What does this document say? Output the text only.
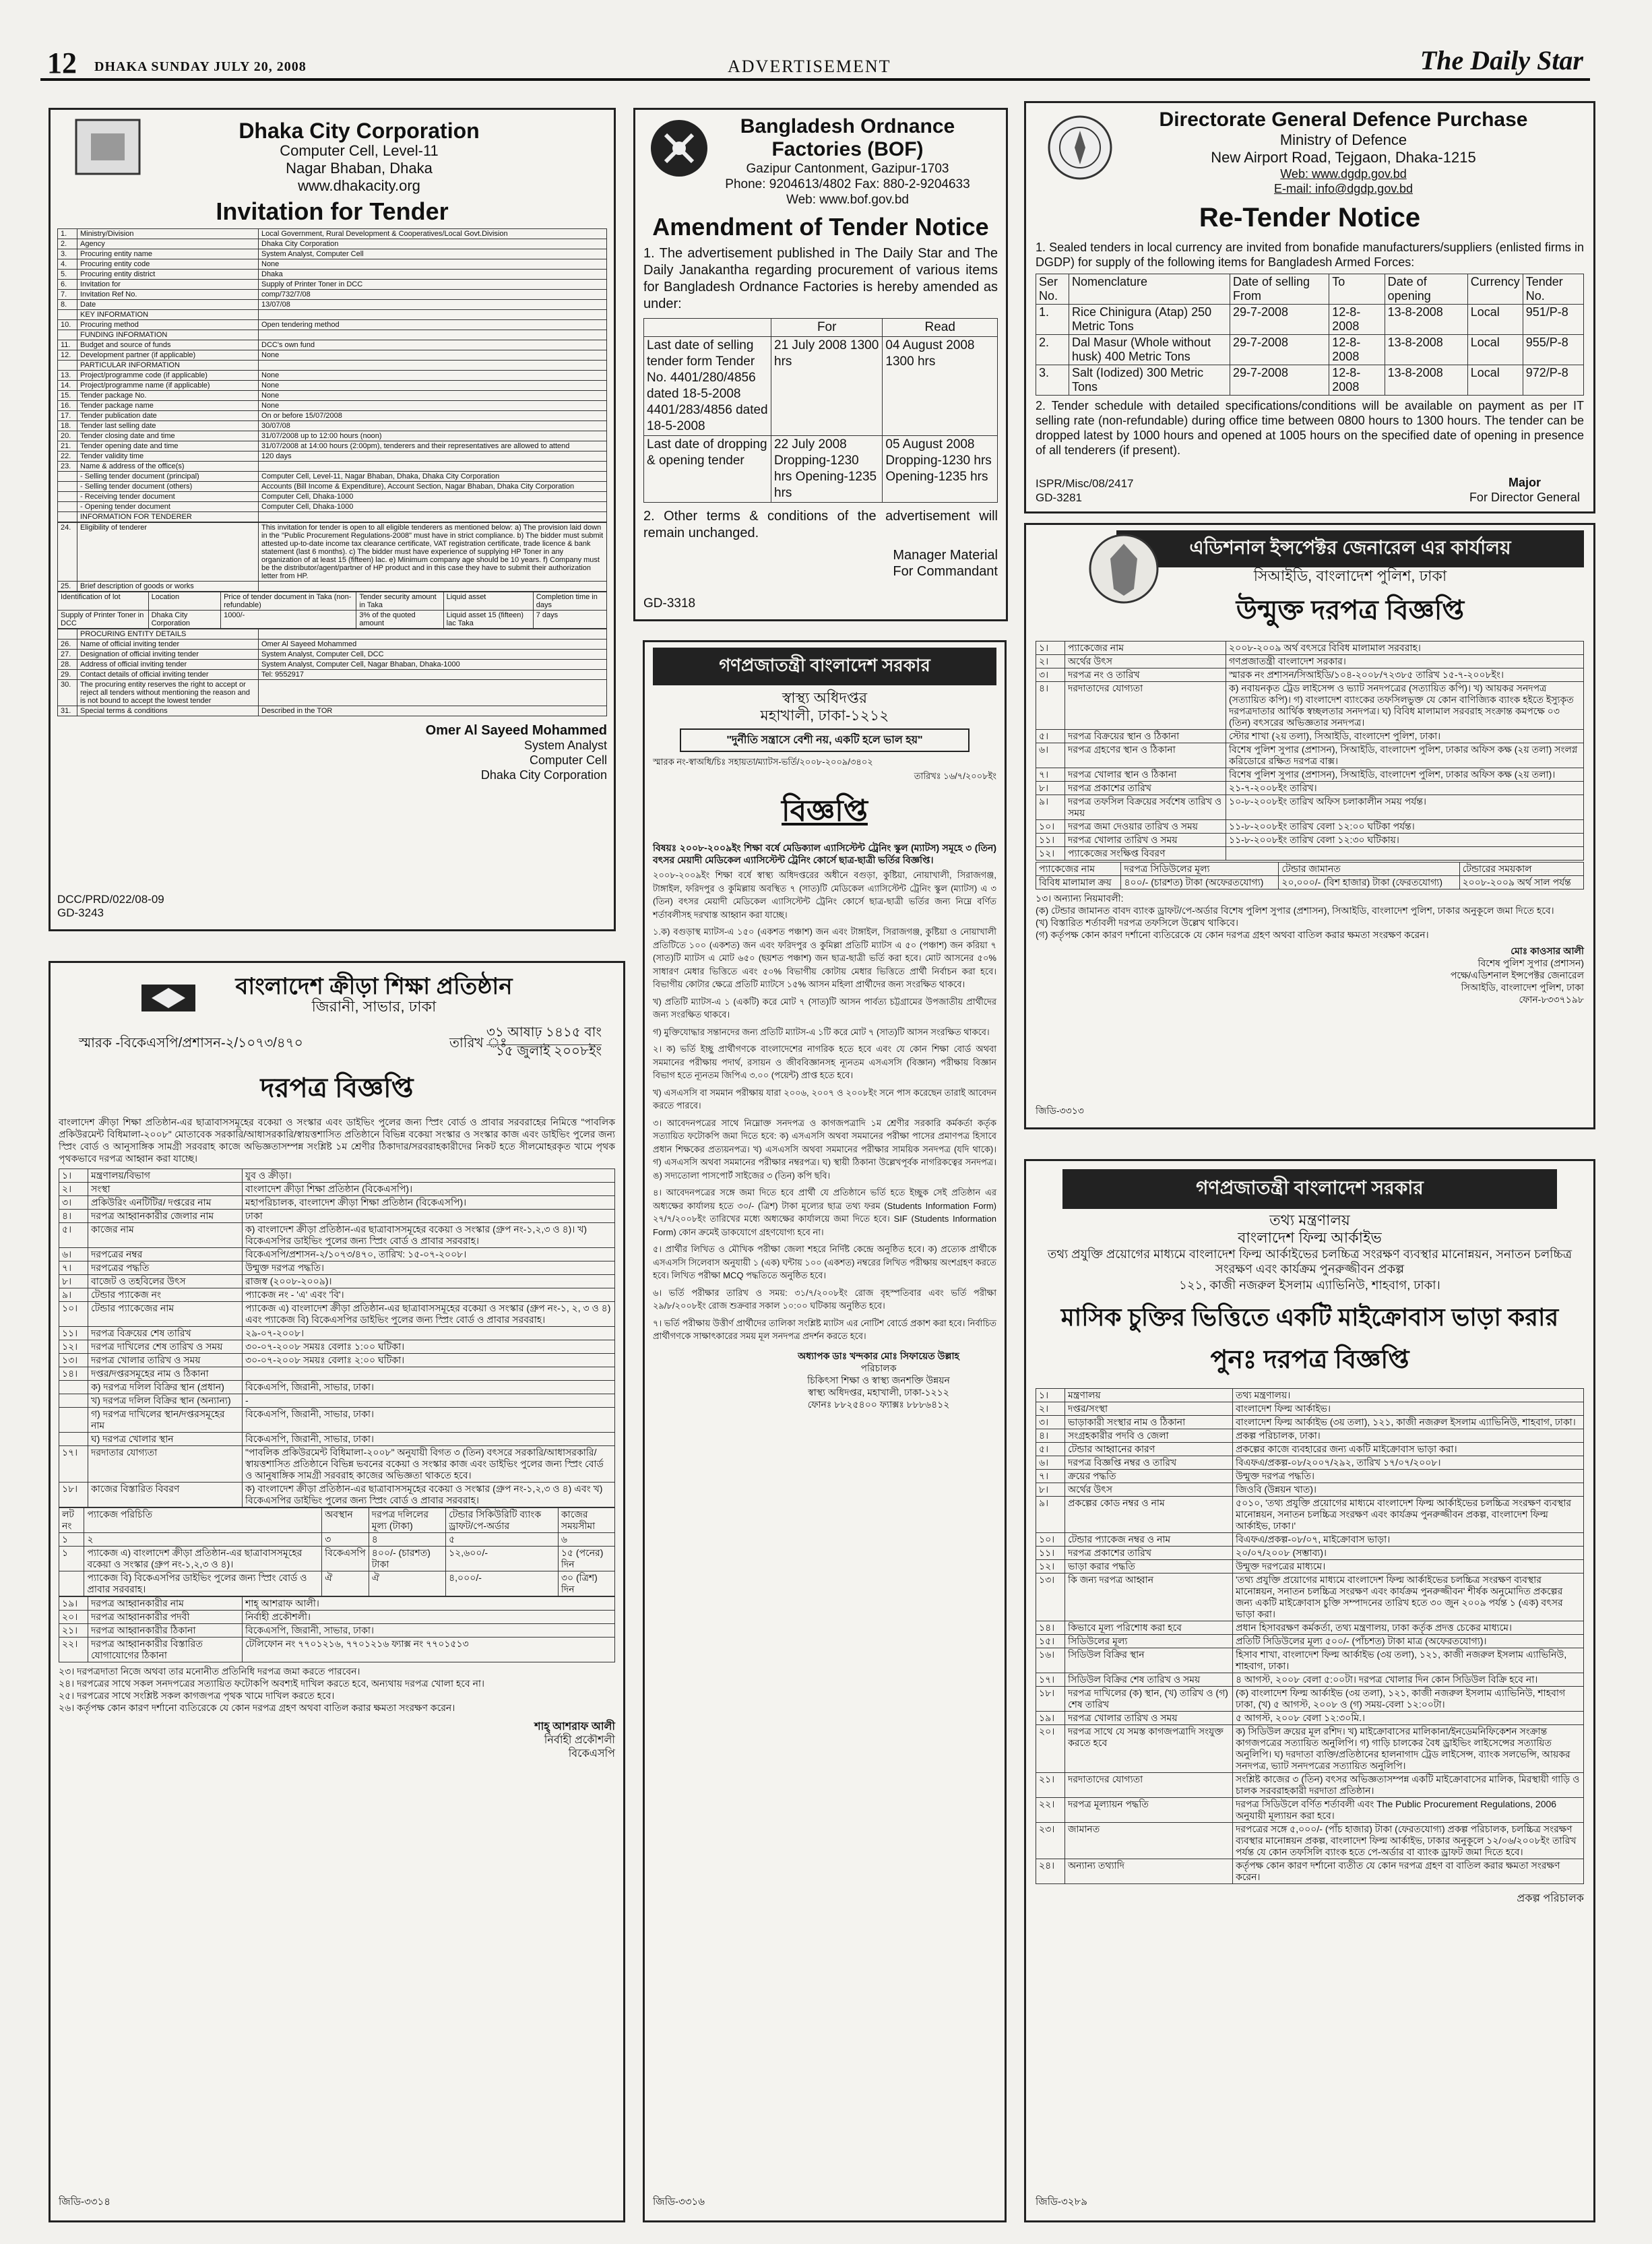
12 DHAKA SUNDAY JULY 20, 2008	ADVERTISEMENT	The Daily Star
Dhaka City Corporation
Computer Cell, Level-11
Nagar Bhaban, Dhaka
www.dhakacity.org
Invitation for Tender
1.	Ministry/Division	Local Government, Rural Development & Cooperatives/Local Govt.Division
2.	Agency	Dhaka City Corporation
3.	Procuring entity name	System Analyst, Computer Cell
4.	Procuring entity code	None
5.	Procuring entity district	Dhaka
6.	Invitation for	Supply of Printer Toner in DCC
7.	Invitation Ref No.	comp/732/7/08
8.	Date	13/07/08
	KEY INFORMATION	
10.	Procuring method	Open tendering method
	FUNDING INFORMATION	
11.	Budget and source of funds	DCC's own fund
12.	Development partner (if applicable)	None
	PARTICULAR INFORMATION	
13.	Project/programme code (if applicable)	None
14.	Project/programme name (if applicable)	None
15.	Tender package No.	None
16.	Tender package name	None
17.	Tender publication date	On or before 15/07/2008
18.	Tender last selling date	30/07/08
20.	Tender closing date and time	31/07/2008 up to 12:00 hours (noon)
21.	Tender opening date and time	31/07/2008 at 14:00 hours (2:00pm), tenderers and their representatives are allowed to attend
22.	Tender validity time	120 days
23.	Name & address of the office(s)	
	- Selling tender document (principal)	Computer Cell, Level-11, Nagar Bhaban, Dhaka, Dhaka City Corporation
	- Selling tender document (others)	Accounts (Bill Income & Expenditure), Account Section, Nagar Bhaban, Dhaka City Corporation
	- Receiving tender document	Computer Cell, Dhaka-1000
	- Opening tender document	Computer Cell, Dhaka-1000
	INFORMATION FOR TENDERER	
24.	Eligibility of tenderer	This invitation for tender is open to all eligible tenderers as mentioned below: a) The provision laid down in the "Public Procurement Regulations-2008" must have in strict compliance. b) The bidder must submit attested up-to-date income tax clearance certificate, VAT registration certificate, trade licence & bank statement (last 6 months). c) The bidder must have experience of supplying HP Toner in any organization of at least 15 (fifteen) lac. e) Minimum company age should be 10 years. f) Company must be the distributor/agent/partner of HP product and in this case they have to submit their authorization letter from HP.
25.	Brief description of goods or works	
Identification of lot	Location	Price of tender document in Taka (non-refundable)	Tender security amount in Taka	Liquid asset	Completion time in days
Supply of Printer Toner in DCC	Dhaka City Corporation	1000/-	3% of the quoted amount	Liquid asset 15 (fifteen) lac Taka	7 days
	PROCURING ENTITY DETAILS	
26.	Name of official inviting tender	Omer Al Sayeed Mohammed
27.	Designation of official inviting tender	System Analyst, Computer Cell, DCC
28.	Address of official inviting tender	System Analyst, Computer Cell, Nagar Bhaban, Dhaka-1000
29.	Contact details of official inviting tender	Tel: 9552917
30.	The procuring entity reserves the right to accept or reject all tenders without mentioning the reason and is not bound to accept the lowest tender	
31.	Special terms & conditions	Described in the TOR
Omer Al Sayeed Mohammed
System Analyst
Computer Cell
Dhaka City Corporation
DCC/PRD/022/08-09
GD-3243
Bangladesh Ordnance Factories (BOF)
Gazipur Cantonment, Gazipur-1703
Phone: 9204613/4802 Fax: 880-2-9204633
Web: www.bof.gov.bd
Amendment of Tender Notice
1. The advertisement published in The Daily Star and The Daily Janakantha regarding procurement of various items for Bangladesh Ordnance Factories is hereby amended as under:
	For	Read
Last date of selling tender form Tender No. 4401/280/4856 dated 18-5-2008 4401/283/4856 dated 18-5-2008	21 July 2008 1300 hrs	04 August 2008 1300 hrs
Last date of dropping & opening tender	22 July 2008 Dropping-1230 hrs Opening-1235 hrs	05 August 2008 Dropping-1230 hrs Opening-1235 hrs
2. Other terms & conditions of the advertisement will remain unchanged.
Manager Material
For Commandant
GD-3318
Directorate General Defence Purchase
Ministry of Defence
New Airport Road, Tejgaon, Dhaka-1215
Web: www.dgdp.gov.bd
E-mail: info@dgdp.gov.bd
Re-Tender Notice
1. Sealed tenders in local currency are invited from bonafide manufacturers/suppliers (enlisted firms in DGDP) for supply of the following items for Bangladesh Armed Forces:
Ser No.	Nomenclature	Date of selling From	To	Date of opening	Currency	Tender No.
1.	Rice Chinigura (Atap) 250 Metric Tons	29-7-2008	12-8-2008	13-8-2008	Local	951/P-8
2.	Dal Masur (Whole without husk) 400 Metric Tons	29-7-2008	12-8-2008	13-8-2008	Local	955/P-8
3.	Salt (Iodized) 300 Metric Tons	29-7-2008	12-8-2008	13-8-2008	Local	972/P-8
2. Tender schedule with detailed specifications/conditions will be available on payment as per IT selling rate (non-refundable) during office time between 0800 hours to 1300 hours. The tender can be dropped latest by 1000 hours and opened at 1005 hours on the specified date of opening in presence of all tenderers (if present).
ISPR/Misc/08/2417
GD-3281
Major
For Director General
এডিশনাল ইন্সপেক্টর জেনারেল এর কার্যালয়
সিআইডি, বাংলাদেশ পুলিশ, ঢাকা
উন্মুক্ত দরপত্র বিজ্ঞপ্তি
১।	প্যাকেজের নাম	২০০৮-২০০৯ অর্থ বৎসরে বিবিধ মালামাল সরবরাহ।
২।	অর্থের উৎস	গণপ্রজাতন্ত্রী বাংলাদেশ সরকার।
৩।	দরপত্র নং ও তারিখ	স্মারক নং প্রশাসন/সিআইডি/১০৪-২০০৮/৭২৩৮৫ তারিখ ১৫-৭-২০০৮ইং।
৪।	দরদাতাদের যোগ্যতা	ক) নবায়নকৃত ট্রেড লাইসেন্স ও ভ্যাট সনদপত্রের (সত্যায়িত কপি)। খ) আয়কর সনদপত্র (সত্যায়িত কপি)। গ) বাংলাদেশ ব্যাংকের তফসিলভুক্ত যে কোন বাণিজ্যিক ব্যাংক হইতে ইস্যুকৃত দরপত্রদাতার আর্থিক স্বচ্ছলতার সনদপত্র। ঘ) বিবিধ মালামাল সরবরাহ সংক্রান্ত কমপক্ষে ০৩ (তিন) বৎসরের অভিজ্ঞতার সনদপত্র।
৫।	দরপত্র বিক্রয়ের স্থান ও ঠিকানা	স্টোর শাখা (২য় তলা), সিআইডি, বাংলাদেশ পুলিশ, ঢাকা।
৬।	দরপত্র গ্রহণের স্থান ও ঠিকানা	বিশেষ পুলিশ সুপার (প্রশাসন), সিআইডি, বাংলাদেশ পুলিশ, ঢাকার অফিস কক্ষ (২য় তলা) সংলগ্ন করিডোরে রক্ষিত দরপত্র বাক্স।
৭।	দরপত্র খোলার স্থান ও ঠিকানা	বিশেষ পুলিশ সুপার (প্রশাসন), সিআইডি, বাংলাদেশ পুলিশ, ঢাকার অফিস কক্ষ (২য় তলা)।
৮।	দরপত্র প্রকাশের তারিখ	২১-৭-২০০৮ইং তারিখ।
৯।	দরপত্র তফসিল বিক্রয়ের সর্বশেষ তারিখ ও সময়	১০-৮-২০০৮ইং তারিখ অফিস চলাকালীন সময় পর্যন্ত।
১০।	দরপত্র জমা দেওয়ার তারিখ ও সময়	১১-৮-২০০৮ইং তারিখ বেলা ১২:০০ ঘটিকা পর্যন্ত।
১১।	দরপত্র খোলার তারিখ ও সময়	১১-৮-২০০৮ইং তারিখ বেলা ১২:৩০ ঘটিকায়।
১২।	প্যাকেজের সংক্ষিপ্ত বিবরণ	
প্যাকেজের নাম	দরপত্র সিডিউলের মূল্য	টেন্ডার জামানত	টেন্ডারের সময়কাল
বিবিধ মালামাল ক্রয়	৪০০/- (চারশত) টাকা (অফেরতযোগ্য)	২০,০০০/- (বিশ হাজার) টাকা (ফেরতযোগ্য)	২০০৮-২০০৯ অর্থ সাল পর্যন্ত
১৩। অন্যান্য নিয়মাবলী:
(ক) টেন্ডার জামানত বাবদ ব্যাংক ড্রাফট/পে-অর্ডার বিশেষ পুলিশ সুপার (প্রশাসন), সিআইডি, বাংলাদেশ পুলিশ, ঢাকার অনুকূলে জমা দিতে হবে।
(খ) বিস্তারিত শর্তাবলী দরপত্র তফসিলে উল্লেখ থাকিবে।
(গ) কর্তৃপক্ষ কোন কারণ দর্শানো ব্যতিরেকে যে কোন দরপত্র গ্রহণ অথবা বাতিল করার ক্ষমতা সংরক্ষণ করেন।
মোঃ কাওসার আলী
বিশেষ পুলিশ সুপার (প্রশাসন)
পক্ষে/এডিশনাল ইন্সপেক্টর জেনারেল
সিআইডি, বাংলাদেশ পুলিশ, ঢাকা
ফোন-৮৩৩৭১৯৮
জিডি-৩৩১৩
বাংলাদেশ ক্রীড়া শিক্ষা প্রতিষ্ঠান
জিরানী, সাভার, ঢাকা
স্মারক -বিকেএসপি/প্রশাসন-২/১০৭৩/৪৭০	তারিখ ঃ
৩১ আষাঢ় ১৪১৫ বাং
১৫ জুলাই ২০০৮ইং
দরপত্র বিজ্ঞপ্তি
বাংলাদেশ ক্রীড়া শিক্ষা প্রতিষ্ঠান-এর ছাত্রাবাসসমূহের বকেয়া ও সংস্কার এবং ডাইভিং পুলের জন্য স্প্রিং বোর্ড ও প্রাবার সরবরাহের নিমিত্তে "পাবলিক প্রকিউরমেন্ট বিধিমালা-২০০৮" মোতাবেক সরকারি/আধাসরকারি/স্বায়ত্তশাসিত প্রতিষ্ঠানে বিভিন্ন বকেয়া সংস্কার ও সংস্কার কাজ এবং ডাইভিং পুলের জন্য স্প্রিং বোর্ড ও আনুসাঙ্গিক সামগ্রী সরবরাহ কাজে অভিজ্ঞতাসম্পন্ন সংশ্লিষ্ট ১ম শ্রেণীর ঠিকাদার/সরবরাহকারীদের নিকট হতে সীলমোহরকৃত খামে পৃথক পৃথকভাবে দরপত্র আহ্বান করা যাচ্ছে।
১।	মন্ত্রণালয়/বিভাগ	যুব ও ক্রীড়া।
২।	সংস্থা	বাংলাদেশ ক্রীড়া শিক্ষা প্রতিষ্ঠান (বিকেএসপি)।
৩।	প্রকিউরিং এনটিটির/ দপ্তরের নাম	মহাপরিচালক, বাংলাদেশ ক্রীড়া শিক্ষা প্রতিষ্ঠান (বিকেএসপি)।
৪।	দরপত্র আহ্বানকারীর জেলার নাম	ঢাকা
৫।	কাজের নাম	ক) বাংলাদেশ ক্রীড়া প্রতিষ্ঠান-এর ছাত্রাবাসসমূহের বকেয়া ও সংস্কার (গ্রুপ নং-১,২,৩ ও ৪)। খ) বিকেএসপির ডাইভিং পুলের জন্য স্প্রিং বোর্ড ও প্রাবার সরবরাহ।
৬।	দরপত্রের নম্বর	বিকেএসপি/প্রশাসন-২/১০৭৩/৪৭০, তারিখ: ১৫-০৭-২০০৮।
৭।	দরপত্রের পদ্ধতি	উন্মুক্ত দরপত্র পদ্ধতি।
৮।	বাজেট ও তহবিলের উৎস	রাজস্ব (২০০৮-২০০৯)।
৯।	টেন্ডার প্যাকেজ নং	প্যাকেজ নং - 'এ' এবং 'বি'।
১০।	টেন্ডার প্যাকেজের নাম	প্যাকেজ এ) বাংলাদেশ ক্রীড়া প্রতিষ্ঠান-এর ছাত্রাবাসসমূহের বকেয়া ও সংস্কার (গ্রুপ নং-১, ২, ৩ ও ৪) এবং প্যাকেজ বি) বিকেএসপির ডাইভিং পুলের জন্য স্প্রিং বোর্ড ও প্রাবার সরবরাহ।
১১।	দরপত্র বিক্রয়ের শেষ তারিখ	২৯-০৭-২০০৮।
১২।	দরপত্র দাখিলের শেষ তারিখ ও সময়	৩০-০৭-২০০৮ সময়ঃ বেলাঃ ১:০০ ঘটিকা।
১৩।	দরপত্র খোলার তারিখ ও সময়	৩০-০৭-২০০৮ সময়ঃ বেলাঃ ২:০০ ঘটিকা।
১৪।	দপ্তর/দপ্তরসমূহের নাম ও ঠিকানা	
	ক) দরপত্র দলিল বিক্রির স্থান (প্রধান)	বিকেএসপি, জিরানী, সাভার, ঢাকা।
	খ) দরপত্র দলিল বিক্রির স্থান (অন্যান্য)	-
	গ) দরপত্র দাখিলের স্থান/দপ্তরসমূহের নাম	বিকেএসপি, জিরানী, সাভার, ঢাকা।
	ঘ) দরপত্র খোলার স্থান	বিকেএসপি, জিরানী, সাভার, ঢাকা।
১৭।	দরদাতার যোগ্যতা	"পাবলিক প্রকিউরমেন্ট বিধিমালা-২০০৮" অনুযায়ী বিগত ৩ (তিন) বৎসরে সরকারি/আধাসরকারি/স্বায়ত্তশাসিত প্রতিষ্ঠানে বিভিন্ন ভবনের বকেয়া ও সংস্কার কাজ এবং ডাইভিং পুলের জন্য স্প্রিং বোর্ড ও আনুষাঙ্গিক সামগ্রী সরবরাহ কাজের অভিজ্ঞতা থাকতে হবে।
১৮।	কাজের বিস্তারিত বিবরণ	ক) বাংলাদেশ ক্রীড়া প্রতিষ্ঠান-এর ছাত্রাবাসসমূহের বকেয়া ও সংস্কার (গ্রুপ নং-১,২,৩ ও ৪) এবং খ) বিকেএসপির ডাইভিং পুলের জন্য স্প্রিং বোর্ড ও প্রাবার সরবরাহ।
লট নং	প্যাকেজ পরিচিতি	অবস্থান	দরপত্র দলিলের মূল্য (টাকা)	টেন্ডার সিকিউরিটি ব্যাংক ড্রাফট/পে-অর্ডার	কাজের সময়সীমা
১	২	৩	৪	৫	৬
১	প্যাকেজ এ) বাংলাদেশ ক্রীড়া প্রতিষ্ঠান-এর ছাত্রাবাসসমূহের বকেয়া ও সংস্কার (গ্রুপ নং-১,২,৩ ও ৪)।	বিকেএসপি	৪০০/- (চারশত) টাকা	১২,৬০০/-	১৫ (পনের) দিন
	প্যাকেজ বি) বিকেএসপির ডাইভিং পুলের জন্য স্প্রিং বোর্ড ও প্রাবার সরবরাহ।	ঐ	ঐ	৪,০০০/-	৩০ (ত্রিশ) দিন
১৯।	দরপত্র আহ্বানকারীর নাম	শাহ্ আশরাফ আলী।
২০।	দরপত্র আহ্বানকারীর পদবী	নির্বাহী প্রকৌশলী।
২১।	দরপত্র আহ্বানকারীর ঠিকানা	বিকেএসপি, জিরানী, সাভার, ঢাকা।
২২।	দরপত্র আহ্বানকারীর বিস্তারিত যোগাযোগের ঠিকানা	টেলিফোন নং ৭৭০১২১৬, ৭৭০১২১৬ ফ্যাক্স নং ৭৭০১৫১৩
২৩। দরপত্রদাতা নিজে অথবা তার মনোনীত প্রতিনিধি দরপত্র জমা করতে পারবেন।
২৪। দরপত্রের সাথে সকল সনদপত্রের সত্যায়িত ফটোকপি অবশ্যই দাখিল করতে হবে, অন্যথায় দরপত্র খোলা হবে না।
২৫। দরপত্রের সাথে সংশ্লিষ্ট সকল কাগজপত্র পৃথক খামে দাখিল করতে হবে।
২৬। কর্তৃপক্ষ কোন কারণ দর্শানো ব্যতিরেকে যে কোন দরপত্র গ্রহণ অথবা বাতিল করার ক্ষমতা সংরক্ষণ করেন।
শাহ্ আশরাফ আলী
নির্বাহী প্রকৌশলী
বিকেএসপি
জিডি-৩৩১৪
গণপ্রজাতন্ত্রী বাংলাদেশ সরকার
স্বাস্থ্য অধিদপ্তর
মহাখালী, ঢাকা-১২১২
"দুর্নীতি সন্ত্রাসে বেশী নয়, একটি হলে ভাল হয়"
স্মারক নং-স্বাঅধি/চিঃ সহায়তা/ম্যাটস-ভর্তি/২০০৮-২০০৯/৩৪০২
তারিখঃ ১৬/৭/২০০৮ইং
বিজ্ঞপ্তি
বিষয়ঃ ২০০৮-২০০৯ইং শিক্ষা বর্ষে মেডিক্যাল এ্যাসিস্টেন্ট ট্রেনিং স্কুল (ম্যাটস) সমূহে ৩ (তিন) বৎসর মেয়াদী মেডিকেল এ্যাসিস্টেন্ট ট্রেনিং কোর্সে ছাত্র-ছাত্রী ভর্তির বিজ্ঞপ্তি।

২০০৮-২০০৯ইং শিক্ষা বর্ষে স্বাস্থ্য অধিদপ্তরের অধীনে বগুড়া, কুষ্টিয়া, নোয়াখালী, সিরাজগঞ্জ, টাঙ্গাইল, ফরিদপুর ও কুমিল্লায় অবস্থিত ৭ (সাত)টি মেডিকেল এ্যাসিস্টেন্ট ট্রেনিং স্কুল (ম্যাটস) এ ৩ (তিন) বৎসর মেয়াদী মেডিকেল এ্যাসিস্টেন্ট ট্রেনিং কোর্সে ছাত্র-ছাত্রী ভর্তির জন্য নিম্নে বর্ণিত শর্তাবলীসহ দরখাস্ত আহ্বান করা যাচ্ছে।

১.ক) বগুড়াস্থ ম্যাটস-এ ১৫০ (একশত পঞ্চাশ) জন এবং টাঙ্গাইল, সিরাজগঞ্জ, কুষ্টিয়া ও নোয়াখালী প্রতিটিতে ১০০ (একশত) জন এবং ফরিদপুর ও কুমিল্লা প্রতিটি ম্যাটস এ ৫০ (পঞ্চাশ) জন করিয়া ৭ (সাত)টি ম্যাটস এ মোট ৬৫০ (ছয়শত পঞ্চাশ) জন ছাত্র-ছাত্রী ভর্তি করা হবে। মোট আসনের ৫০% সাধারণ মেধার ভিত্তিতে এবং ৫০% বিভাগীয় কোটায় মেধার ভিত্তিতে প্রার্থী নির্বাচন করা হবে। বিভাগীয় কোটার ক্ষেত্রে প্রতিটি ম্যাটসে ১৫% আসন মহিলা প্রার্থীদের জন্য সংরক্ষিত থাকবে।

খ) প্রতিটি ম্যাটস-এ ১ (একটি) করে মোট ৭ (সাত)টি আসন পার্বত্য চট্টগ্রামের উপজাতীয় প্রার্থীদের জন্য সংরক্ষিত থাকবে।

গ) মুক্তিযোদ্ধার সন্তানদের জন্য প্রতিটি ম্যাটস-এ ১টি করে মোট ৭ (সাত)টি আসন সংরক্ষিত থাকবে।

২। ক) ভর্তি ইচ্ছু প্রার্থীগণকে বাংলাদেশের নাগরিক হতে হবে এবং যে কোন শিক্ষা বোর্ড অথবা সমমানের পরীক্ষায় পদার্থ, রসায়ন ও জীববিজ্ঞানসহ ন্যূনতম এসএসসি (বিজ্ঞান) পরীক্ষায় বিজ্ঞান বিভাগ হতে ন্যূনতম জিপিএ ৩.০০ (পয়েন্ট) প্রাপ্ত হতে হবে।

খ) এসএসসি বা সমমান পরীক্ষায় যারা ২০০৬, ২০০৭ ও ২০০৮ইং সনে পাস করেছেন তারাই আবেদন করতে পারবে।

৩। আবেদনপত্রের সাথে নিম্নোক্ত সনদপত্র ও কাগজপত্রাদি ১ম শ্রেণীর সরকারি কর্মকর্তা কর্তৃক সত্যায়িত ফটোকপি জমা দিতে হবে: ক) এসএসসি অথবা সমমানের পরীক্ষা পাসের প্রমাণপত্র হিসাবে প্রধান শিক্ষকের প্রত্যয়নপত্র। খ) এসএসসি অথবা সমমানের পরীক্ষার সাময়িক সনদপত্র (যদি থাকে)। গ) এসএসসি অথবা সমমানের পরীক্ষার নম্বরপত্র। ঘ) স্থায়ী ঠিকানা উল্লেখপূর্বক নাগরিকত্বের সনদপত্র। ঙ) সদ্যতোলা পাসপোর্ট সাইজের ৩ (তিন) কপি ছবি।

৪। আবেদনপত্রের সঙ্গে জমা দিতে হবে প্রার্থী যে প্রতিষ্ঠানে ভর্তি হতে ইচ্ছুক সেই প্রতিষ্ঠান এর অধ্যক্ষের কার্যালয় হতে ৩০/- (ত্রিশ) টাকা মূল্যের ছাত্র তথ্য ফরম (Students Information Form) ২৭/৭/২০০৮ইং তারিখের মধ্যে অধ্যক্ষের কার্যালয়ে জমা দিতে হবে। SIF (Students Information Form) কোন ক্রমেই ডাকযোগে গ্রহণযোগ্য হবে না।

৫। প্রার্থীর লিখিত ও মৌখিক পরীক্ষা জেলা শহরে নির্দিষ্ট কেন্দ্রে অনুষ্ঠিত হবে। ক) প্রত্যেক প্রার্থীকে এসএসসি সিলেবাস অনুযায়ী ১ (এক) ঘন্টায় ১০০ (একশত) নম্বরের লিখিত পরীক্ষায় অংশগ্রহণ করতে হবে। লিখিত পরীক্ষা MCQ পদ্ধতিতে অনুষ্ঠিত হবে।

৬। ভর্তি পরীক্ষার তারিখ ও সময়: ৩১/৭/২০০৮ইং রোজ বৃহস্পতিবার এবং ভর্তি পরীক্ষা ২৯/৮/২০০৮ইং রোজ শুক্রবার সকাল ১০:০০ ঘটিকায় অনুষ্ঠিত হবে।

৭। ভর্তি পরীক্ষায় উত্তীর্ণ প্রার্থীদের তালিকা সংশ্লিষ্ট ম্যাটস এর নোটিশ বোর্ডে প্রকাশ করা হবে। নির্বাচিত প্রার্থীগণকে সাক্ষাৎকারের সময় মূল সনদপত্র প্রদর্শন করতে হবে।

অধ্যাপক ডাঃ খন্দকার মোঃ সিফায়েত উল্লাহ
পরিচালক
চিকিৎসা শিক্ষা ও স্বাস্থ্য জনশক্তি উন্নয়ন
স্বাস্থ্য অধিদপ্তর, মহাখালী, ঢাকা-১২১২
ফোনঃ ৮৮২৫৪০০ ফ্যাক্সঃ ৮৮৮৬৪১২
জিডি-৩৩১৬
গণপ্রজাতন্ত্রী বাংলাদেশ সরকার
তথ্য মন্ত্রণালয়
বাংলাদেশ ফিল্ম আর্কাইভ
তথ্য প্রযুক্তি প্রয়োগের মাধ্যমে বাংলাদেশ ফিল্ম আর্কাইভের চলচ্চিত্র সংরক্ষণ ব্যবস্থার মানোন্নয়ন, সনাতন চলচ্চিত্র সংরক্ষণ এবং কার্যক্রম পুনরুজ্জীবন প্রকল্প
১২১, কাজী নজরুল ইসলাম এ্যাভিনিউ, শাহবাগ, ঢাকা।
মাসিক চুক্তির ভিত্তিতে একটি মাইক্রোবাস ভাড়া করার
পুনঃ দরপত্র বিজ্ঞপ্তি
১।	মন্ত্রণালয়	তথ্য মন্ত্রণালয়।
২।	দপ্তর/সংস্থা	বাংলাদেশ ফিল্ম আর্কাইভ।
৩।	ভাড়াকারী সংস্থার নাম ও ঠিকানা	বাংলাদেশ ফিল্ম আর্কাইভ (৩য় তলা), ১২১, কাজী নজরুল ইসলাম এ্যাভিনিউ, শাহবাগ, ঢাকা।
৪।	সংগ্রহকারীর পদবি ও জেলা	প্রকল্প পরিচালক, ঢাকা।
৫।	টেন্ডার আহ্বানের কারণ	প্রকল্পের কাজে ব্যবহারের জন্য একটি মাইক্রোবাস ভাড়া করা।
৬।	দরপত্র বিজ্ঞপ্তি নম্বর ও তারিখ	বিএফএ/প্রকল্প-০৮/২০০৭/২৯২, তারিখ ১৭/০৭/২০০৮।
৭।	ক্রয়ের পদ্ধতি	উন্মুক্ত দরপত্র পদ্ধতি।
৮।	অর্থের উৎস	জিওবি (উন্নয়ন খাত)।
৯।	প্রকল্পের কোড নম্বর ও নাম	৫০১০, 'তথ্য প্রযুক্তি প্রয়োগের মাধ্যমে বাংলাদেশ ফিল্ম আর্কাইভের চলচ্চিত্র সংরক্ষণ ব্যবস্থার মানোন্নয়ন, সনাতন চলচ্চিত্র সংরক্ষণ এবং কার্যক্রম পুনরুজ্জীবন প্রকল্প, বাংলাদেশ ফিল্ম আর্কাইভ, ঢাকা।'
১০।	টেন্ডার প্যাকেজ নম্বর ও নাম	বিএফএ/প্রকল্প-০৮/০৭, মাইক্রোবাস ভাড়া।
১১।	দরপত্র প্রকাশের তারিখ	২০/০৭/২০০৮ (সম্ভাব্য)।
১২।	ভাড়া করার পদ্ধতি	উন্মুক্ত দরপত্রের মাধ্যমে।
১৩।	কি জন্য দরপত্র আহ্বান	'তথ্য প্রযুক্তি প্রয়োগের মাধ্যমে বাংলাদেশ ফিল্ম আর্কাইভের চলচ্চিত্র সংরক্ষণ ব্যবস্থার মানোন্নয়ন, সনাতন চলচ্চিত্র সংরক্ষণ এবং কার্যক্রম পুনরুজ্জীবন' শীর্ষক অনুমোদিত প্রকল্পের জন্য একটি মাইক্রোবাস চুক্তি সম্পাদনের তারিখ হতে ৩০ জুন ২০০৯ পর্যন্ত ১ (এক) বৎসর ভাড়া করা।
১৪।	কিভাবে মূল্য পরিশোধ করা হবে	প্রধান হিসাবরক্ষণ কর্মকর্তা, তথ্য মন্ত্রণালয়, ঢাকা কর্তৃক প্রদত্ত চেকের মাধ্যমে।
১৫।	সিডিউলের মূল্য	প্রতিটি সিডিউলের মূল্য ৫০০/- (পাঁচশত) টাকা মাত্র (অফেরতযোগ্য)।
১৬।	সিডিউল বিক্রির স্থান	হিসাব শাখা, বাংলাদেশ ফিল্ম আর্কাইভ (৩য় তলা), ১২১, কাজী নজরুল ইসলাম এ্যাভিনিউ, শাহবাগ, ঢাকা।
১৭।	সিডিউল বিক্রির শেষ তারিখ ও সময়	৪ আগস্ট, ২০০৮ বেলা ৫:০০টা। দরপত্র খোলার দিন কোন সিডিউল বিক্রি হবে না।
১৮।	দরপত্র দাখিলের (ক) স্থান, (খ) তারিখ ও (গ) শেষ তারিখ	(ক) বাংলাদেশ ফিল্ম আর্কাইভ (৩য় তলা), ১২১, কাজী নজরুল ইসলাম এ্যাভিনিউ, শাহবাগ ঢাকা, (খ) ৫ আগস্ট, ২০০৮ ও (গ) সময়-বেলা ১২:০০টা।
১৯।	দরপত্র খোলার তারিখ ও সময়	৫ আগস্ট, ২০০৮ বেলা ১২:৩০মি.।
২০।	দরপত্র সাথে যে সমস্ত কাগজপত্রাদি সংযুক্ত করতে হবে	ক) সিডিউল ক্রয়ের মূল রশিদ। খ) মাইক্রোবাসের মালিকানা/ইনডেমনিফিকেশন সংক্রান্ত কাগজপত্রের সত্যায়িত অনুলিপি। গ) গাড়ি চালকের বৈধ ড্রাইভিং লাইসেন্সের সত্যায়িত অনুলিপি। ঘ) দরদাতা ব্যক্তি/প্রতিষ্ঠানের হালনাগাদ ট্রেড লাইসেন্স, ব্যাংক সলভেন্সি, আয়কর সনদপত্র, ভ্যাট সনদপত্রের সত্যায়িত অনুলিপি।
২১।	দরদাতাদের যোগ্যতা	সংশ্লিষ্ট কাজের ৩ (তিন) বৎসর অভিজ্ঞতাসম্পন্ন একটি মাইক্রোবাসের মালিক, মিরস্থায়ী গাড়ি ও চালক সরবরাহকারী দরদাতা প্রতিষ্ঠান।
২২।	দরপত্র মূল্যায়ন পদ্ধতি	দরপত্র সিডিউলে বর্ণিত শর্তাবলী এবং The Public Procurement Regulations, 2006 অনুযায়ী মূল্যায়ন করা হবে।
২৩।	জামানত	দরপত্রের সঙ্গে ৫,০০০/- (পাঁচ হাজার) টাকা (ফেরতযোগ্য) প্রকল্প পরিচালক, চলচ্চিত্র সংরক্ষণ ব্যবস্থার মানোন্নয়ন প্রকল্প, বাংলাদেশ ফিল্ম আর্কাইভ, ঢাকার অনুকূলে ১২/০৬/২০০৮ইং তারিখ পর্যন্ত যে কোন তফসিলি ব্যাংক হতে পে-অর্ডার বা ব্যাংক ড্রাফট জমা দিতে হবে।
২৪।	অন্যান্য তথ্যাদি	কর্তৃপক্ষ কোন কারণ দর্শানো ব্যতীত যে কোন দরপত্র গ্রহণ বা বাতিল করার ক্ষমতা সংরক্ষণ করেন।
প্রকল্প পরিচালক
জিডি-৩২৮৯
